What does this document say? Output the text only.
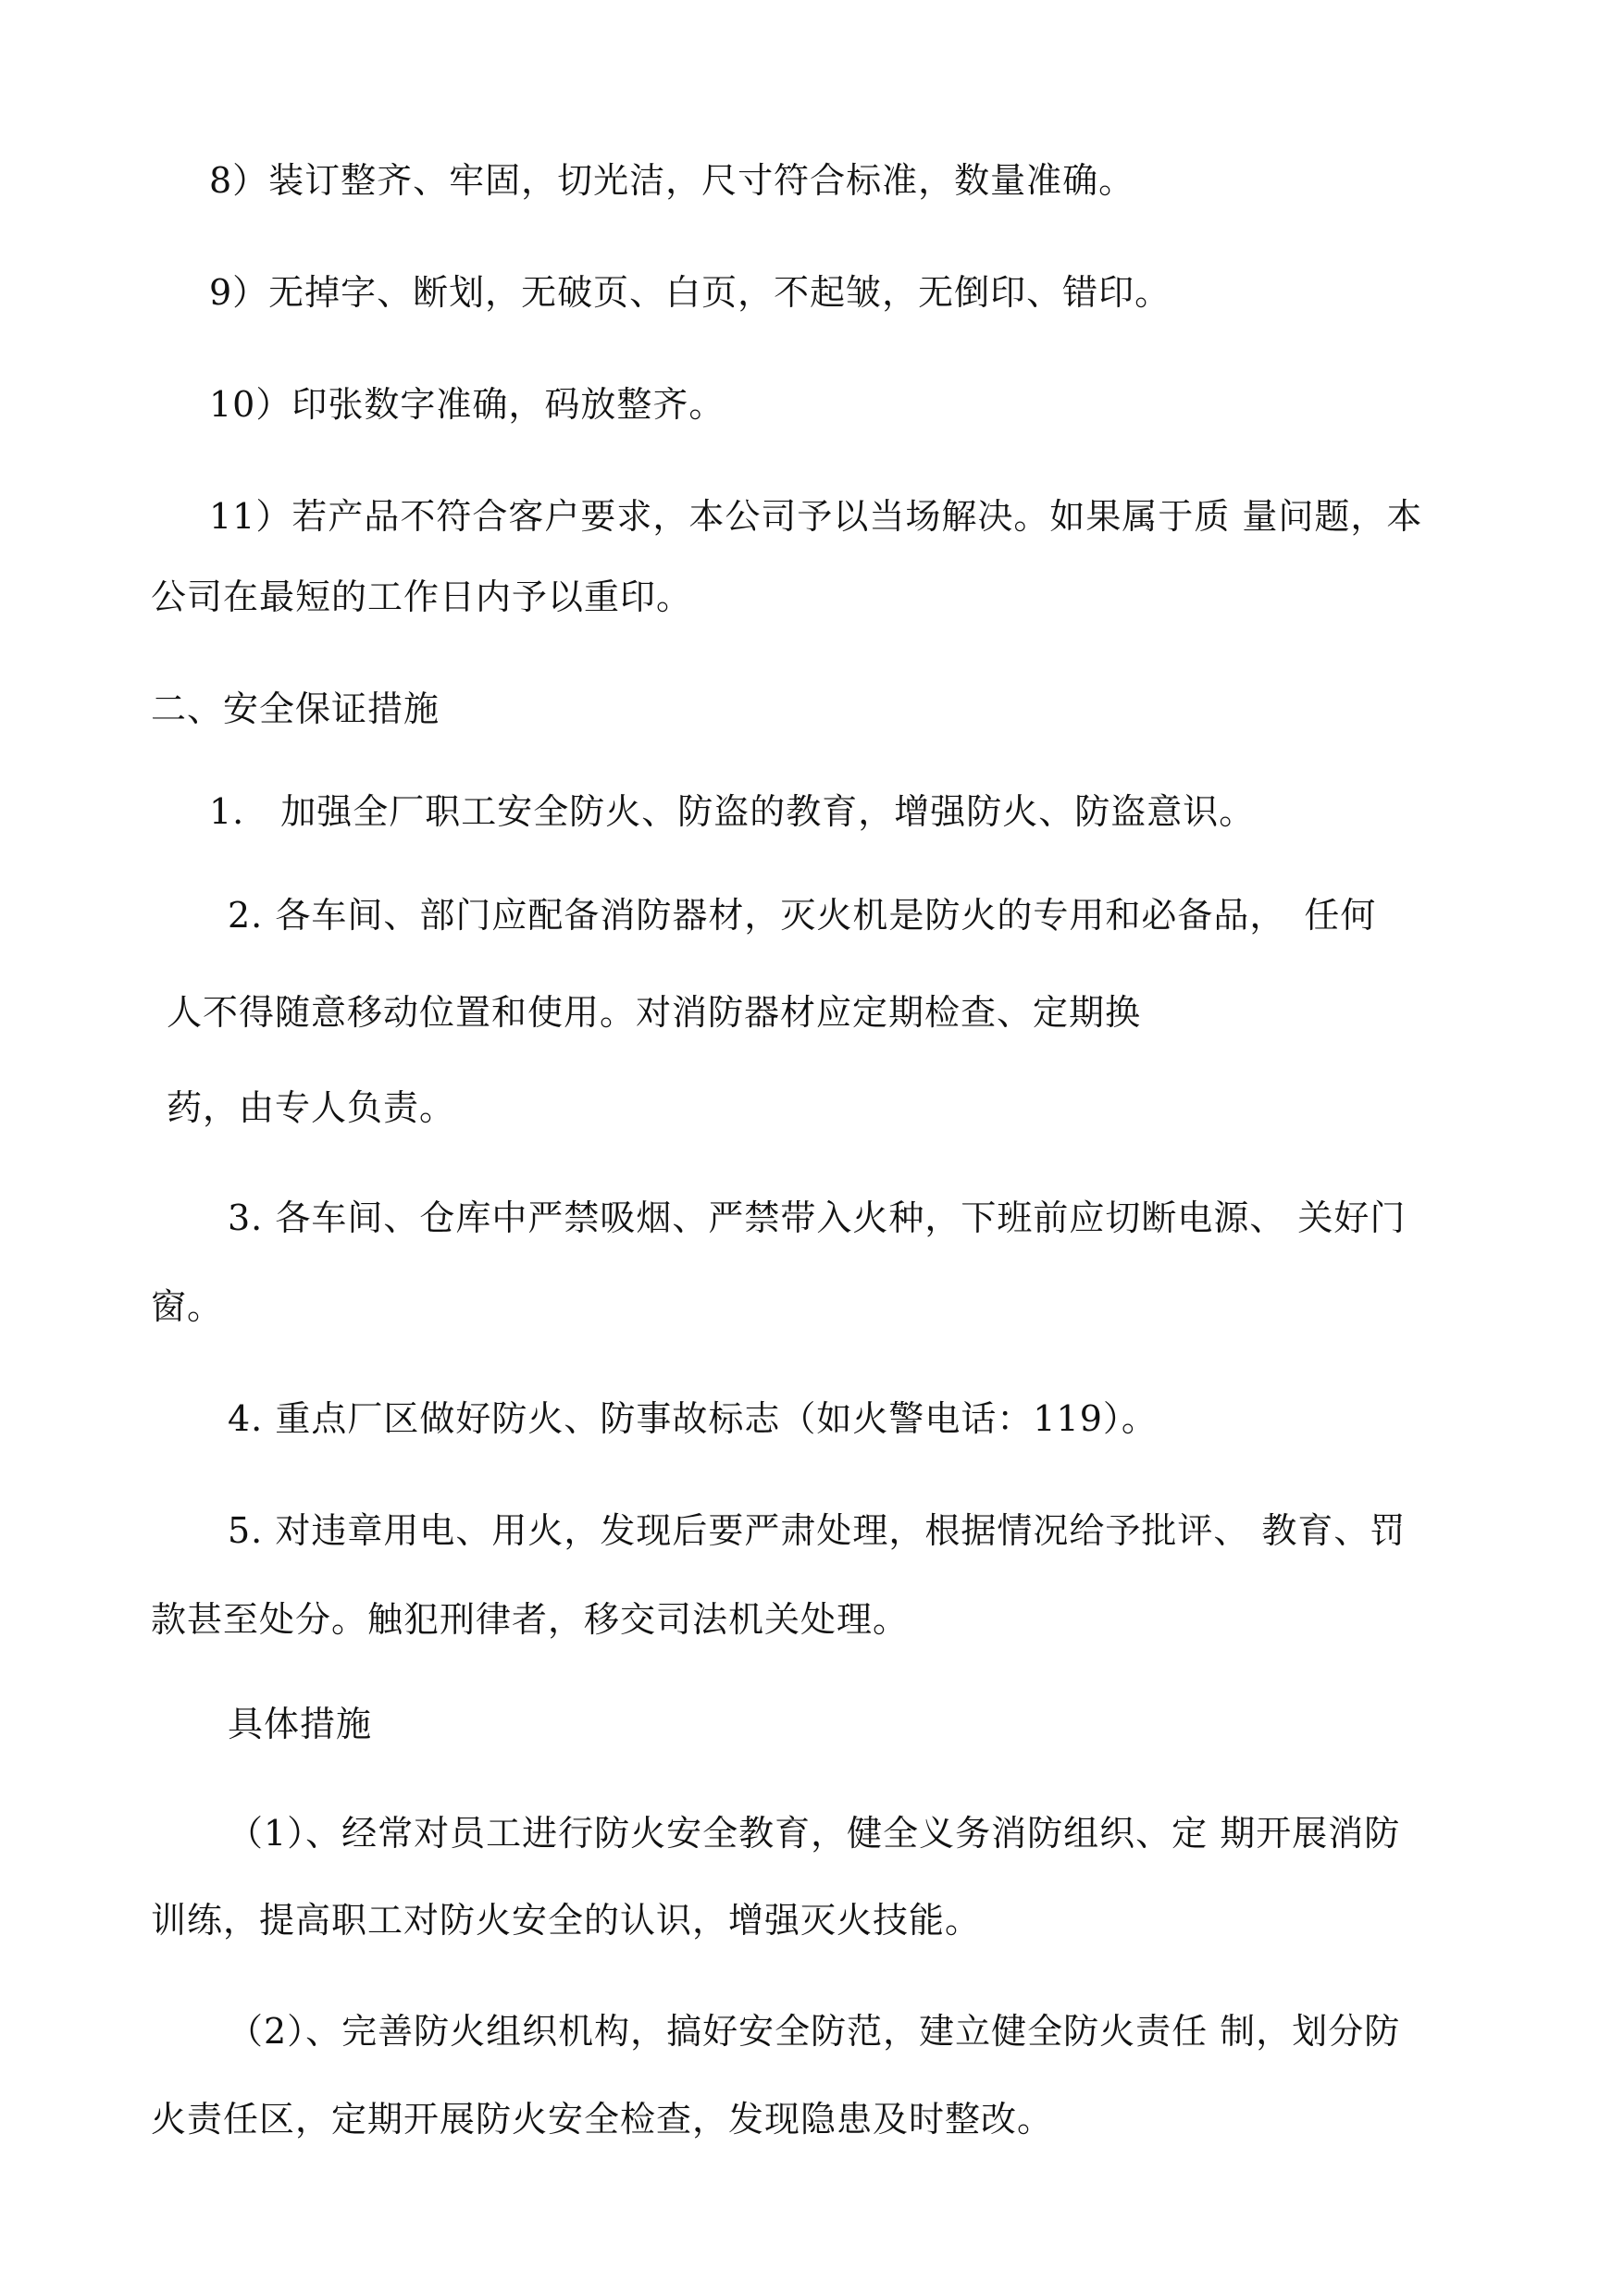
8）装订整齐、牢固，切光洁，尺寸符合标准，数量准确。
9）无掉字、断划，无破页、白页，不起皱，无倒印、错印。
10）印张数字准确，码放整齐。
11）若产品不符合客户要求，本公司予以当场解决。如果属于质 量问题，本
公司在最短的工作日内予以重印。
二、安全保证措施
1.　加强全厂职工安全防火、防盗的教育，增强防火、防盗意识。
2. 各车间、部门应配备消防器材，灭火机是防火的专用和必备品，　任何
人不得随意移动位置和使用。对消防器材应定期检查、定期换
药，由专人负责。
3. 各车间、仓库中严禁吸烟、严禁带入火种，下班前应切断电源、 关好门
窗。
4. 重点厂区做好防火、防事故标志（如火警电话：119）。
5. 对违章用电、用火，发现后要严肃处理，根据情况给予批评、 教育、罚
款甚至处分。触犯刑律者，移交司法机关处理。
具体措施
（1）、经常对员工进行防火安全教育，健全义务消防组织、定 期开展消防
训练，提高职工对防火安全的认识，增强灭火技能。
（2）、完善防火组织机构，搞好安全防范，建立健全防火责任 制，划分防
火责任区，定期开展防火安全检查，发现隐患及时整改。
